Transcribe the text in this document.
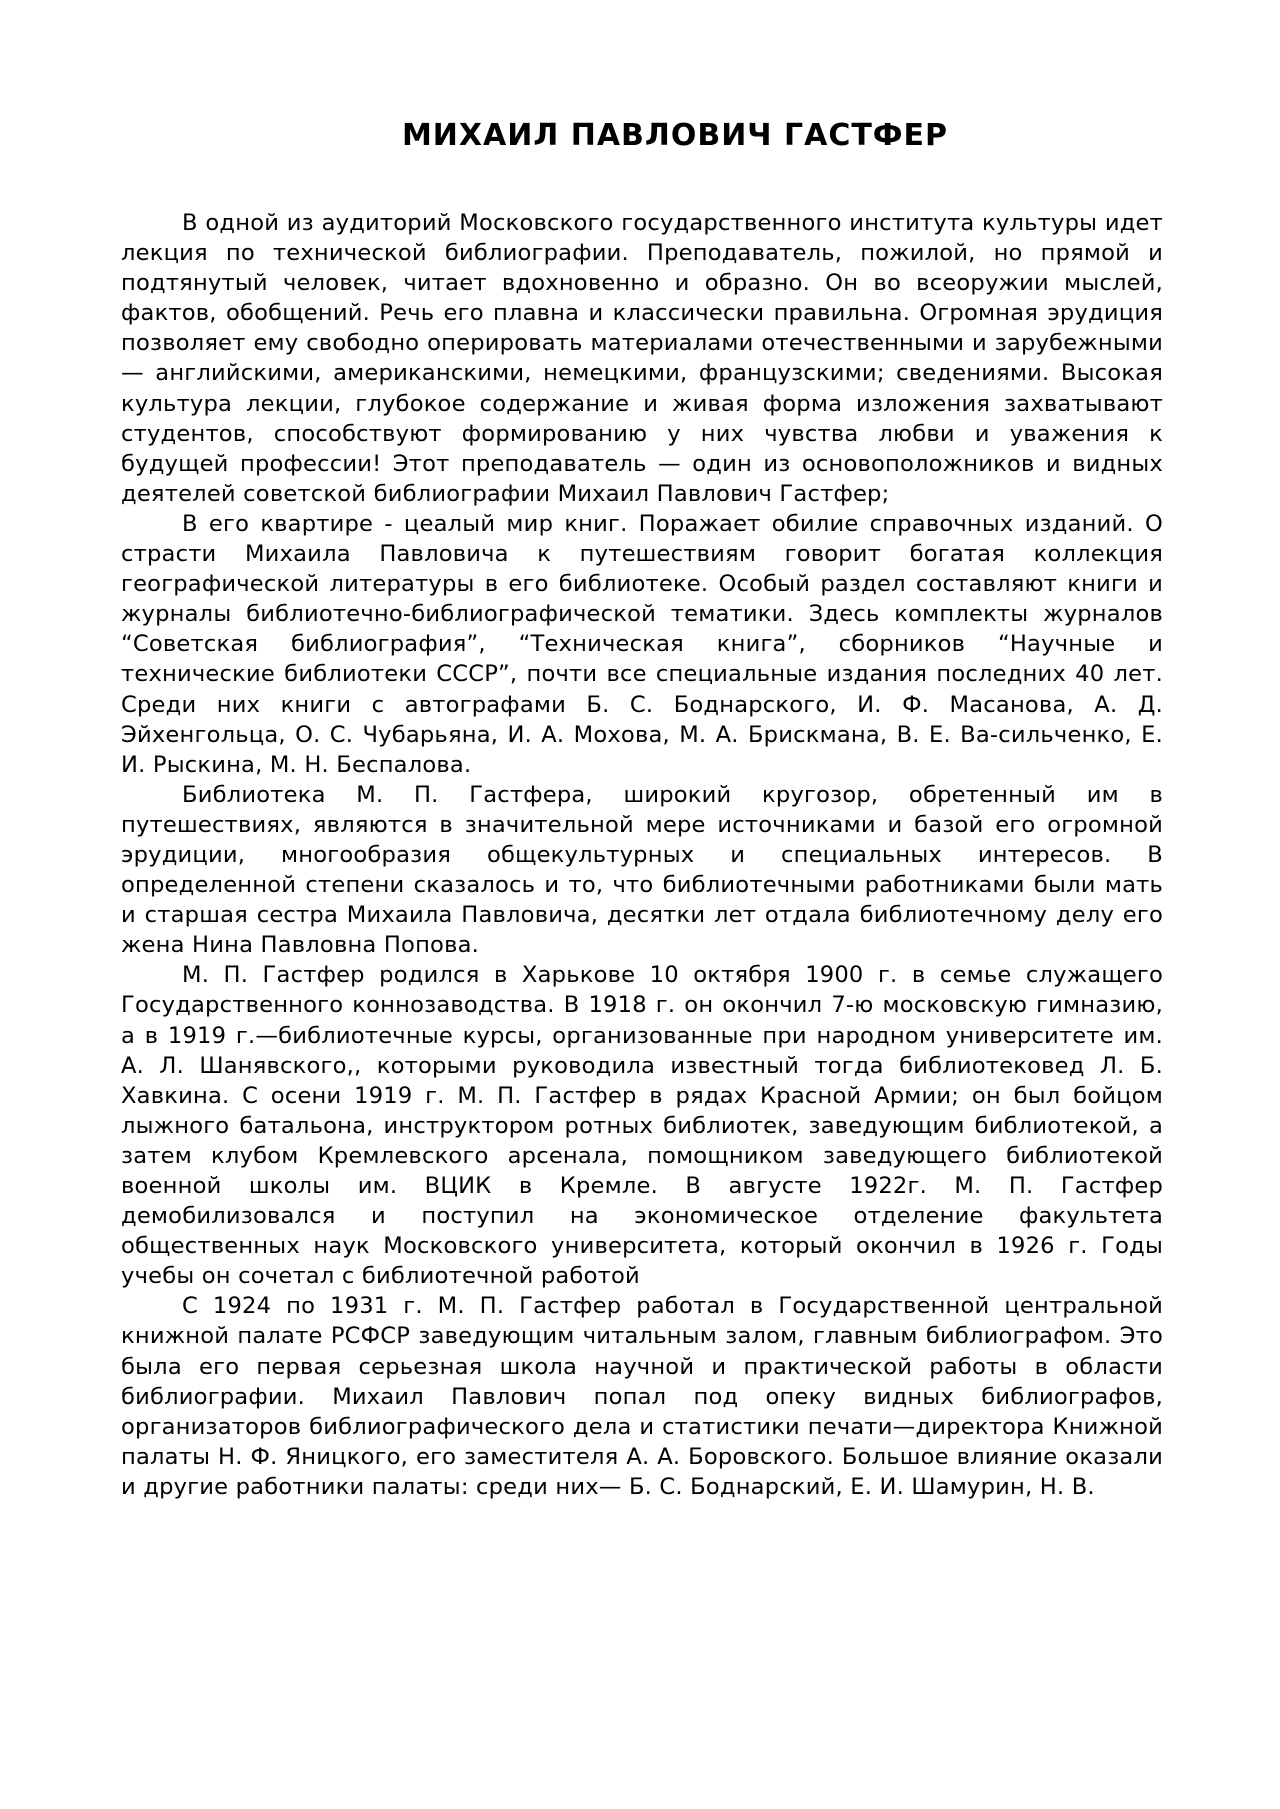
МИХАИЛ ПАВЛОВИЧ ГАСТФЕР

В одной из аудиторий Московского государственного института культуры идет лекция по технической библиографии. Преподаватель, пожилой, но прямой и подтянутый человек, читает вдохновенно и образно. Он во всеоружии мыслей, фактов, обобщений. Речь его плавна и классически правильна. Огромная эрудиция позволяет ему свободно оперировать материалами отечественными и зарубежными — английскими, американскими, немецкими, французскими; сведениями. Высокая культура лекции, глубокое содержание и живая форма изложения захватывают студентов, способствуют формированию у них чувства любви и уважения к будущей профессии! Этот преподаватель — один из основоположников и видных деятелей советской библиографии Михаил Павлович Гастфер;

В его квартире - цеалый мир книг. Поражает обилие справочных изданий. О страсти Михаила Павловича к путешествиям говорит богатая коллекция географической литературы в его библиотеке. Особый раздел составляют книги и журналы библиотечно-библиографической тематики. Здесь комплекты журналов “Советская библиография”, “Техническая книга”, сборников “Научные и технические библиотеки СССР”, почти все специальные издания последних 40 лет. Среди них книги с автографами Б. С. Боднарского, И. Ф. Масанова, А. Д. Эйхенгольца, О. С. Чубарьяна, И. А. Мохова, М. А. Брискмана, В. Е. Ва-сильченко, Е. И. Рыскина, М. Н. Беспалова.

Библиотека М. П. Гастфера, широкий кругозор, обретенный им в путешествиях, являются в значительной мере источниками и базой его огромной эрудиции, многообразия общекультурных и специальных интересов. В определенной степени сказалось и то, что библиотечными работниками были мать и старшая сестра Михаила Павловича, десятки лет отдала библиотечному делу его жена Нина Павловна Попова.

М. П. Гастфер родился в Харькове 10 октября 1900 г. в семье служащего Государственного коннозаводства. В 1918 г. он окончил 7-ю московскую гимназию, а в 1919 г.—библиотечные курсы, организованные при народном университете им. А. Л. Шанявского,, которыми руководила известный тогда библиотековед Л. Б. Хавкина. С осени 1919 г. М. П. Гастфер в рядах Красной Армии; он был бойцом лыжного батальона, инструктором ротных библиотек, заведующим библиотекой, а затем клубом Кремлевского арсенала, помощником заведующего библиотекой военной школы им. ВЦИК в Кремле. В августе 1922г. М. П. Гастфер демобилизовался и поступил на экономическое отделение факультета общественных наук Московского университета, который окончил в 1926 г. Годы учебы он сочетал с библиотечной работой

С 1924 по 1931 г. М. П. Гастфер работал в Государственной центральной книжной палате РСФСР заведующим читальным залом, главным библиографом. Это была его первая серьезная школа научной и практической работы в области библиографии. Михаил Павлович попал под опеку видных библиографов, организаторов библиографического дела и статистики печати—директора Книжной палаты Н. Ф. Яницкого, его заместителя А. А. Боровского. Большое влияние оказали и другие работники палаты: среди них— Б. С. Боднарский, Е. И. Шамурин, Н. В.
